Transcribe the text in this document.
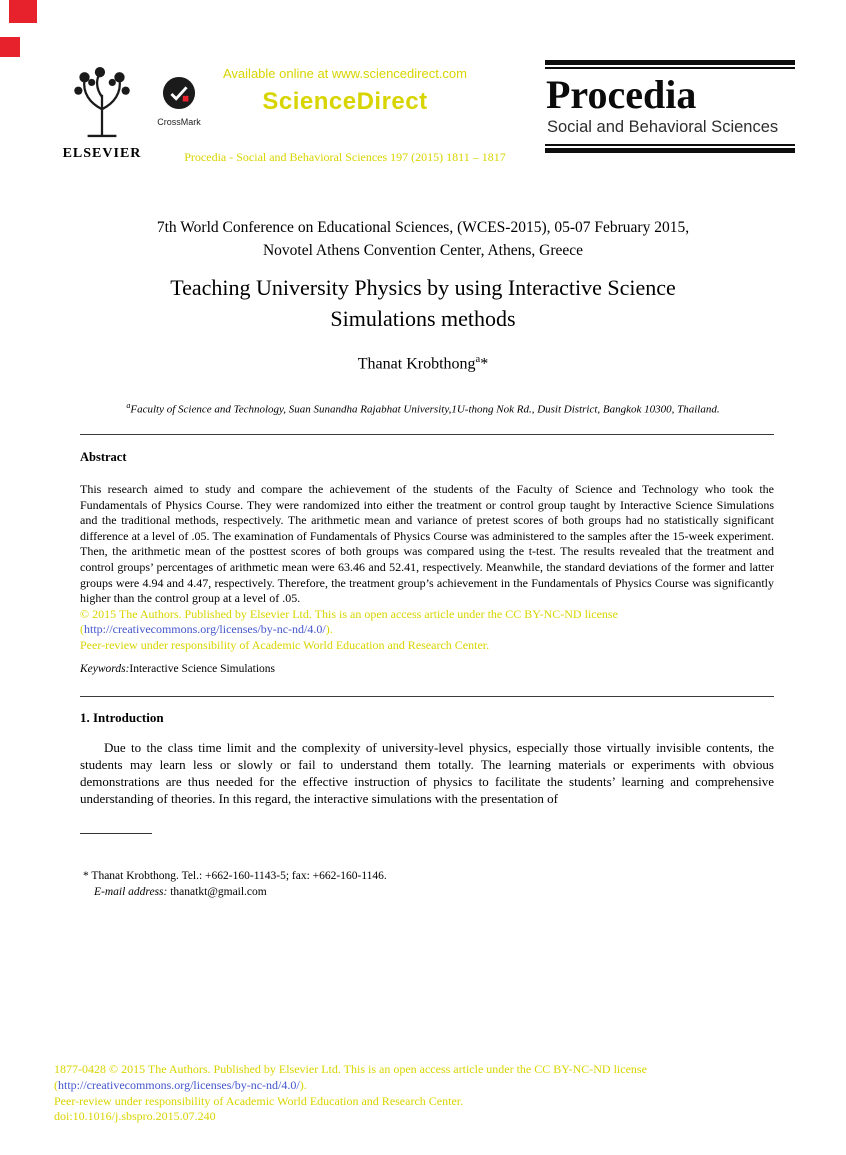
ELSEVIER
CrossMark
Available online at www.sciencedirect.com
ScienceDirect
Procedia - Social and Behavioral Sciences 197 (2015) 1811 – 1817
Procedia
Social and Behavioral Sciences
7th World Conference on Educational Sciences, (WCES-2015), 05-07 February 2015,
Novotel Athens Convention Center, Athens, Greece
Teaching University Physics by using Interactive Science
Simulations methods
Thanat Krobthong$^a$*
$^a$Faculty of Science and Technology, Suan Sunandha Rajabhat University,1U-thong Nok Rd., Dusit District, Bangkok 10300, Thailand.
Abstract

This research aimed to study and compare the achievement of the students of the Faculty of Science and Technology who took the Fundamentals of Physics Course. They were randomized into either the treatment or control group taught by Interactive Science Simulations and the traditional methods, respectively. The arithmetic mean and variance of pretest scores of both groups had no statistically significant difference at a level of .05. The examination of Fundamentals of Physics Course was administered to the samples after the 15-week experiment. Then, the arithmetic mean of the posttest scores of both groups was compared using the t-test. The results revealed that the treatment and control groups’ percentages of arithmetic mean were 63.46 and 52.41, respectively. Meanwhile, the standard deviations of the former and latter groups were 4.94 and 4.47, respectively. Therefore, the treatment group’s achievement in the Fundamentals of Physics Course was significantly higher than the control group at a level of .05.

© 2015 The Authors. Published by Elsevier Ltd. This is an open access article under the CC BY-NC-ND license
(http://creativecommons.org/licenses/by-nc-nd/4.0/).
Peer-review under responsibility of Academic World Education and Research Center.
Keywords:Interactive Science Simulations
1. Introduction

Due to the class time limit and the complexity of university-level physics, especially those virtually invisible contents, the students may learn less or slowly or fail to understand them totally. The learning materials or experiments with obvious demonstrations are thus needed for the effective instruction of physics to facilitate the students’ learning and comprehensive understanding of theories. In this regard, the interactive simulations with the presentation of

* Thanat Krobthong. Tel.: +662-160-1143-5; fax: +662-160-1146.
E-mail address: thanatkt@gmail.com
1877-0428 © 2015 The Authors. Published by Elsevier Ltd. This is an open access article under the CC BY-NC-ND license
(http://creativecommons.org/licenses/by-nc-nd/4.0/).
Peer-review under responsibility of Academic World Education and Research Center.
doi:10.1016/j.sbspro.2015.07.240
